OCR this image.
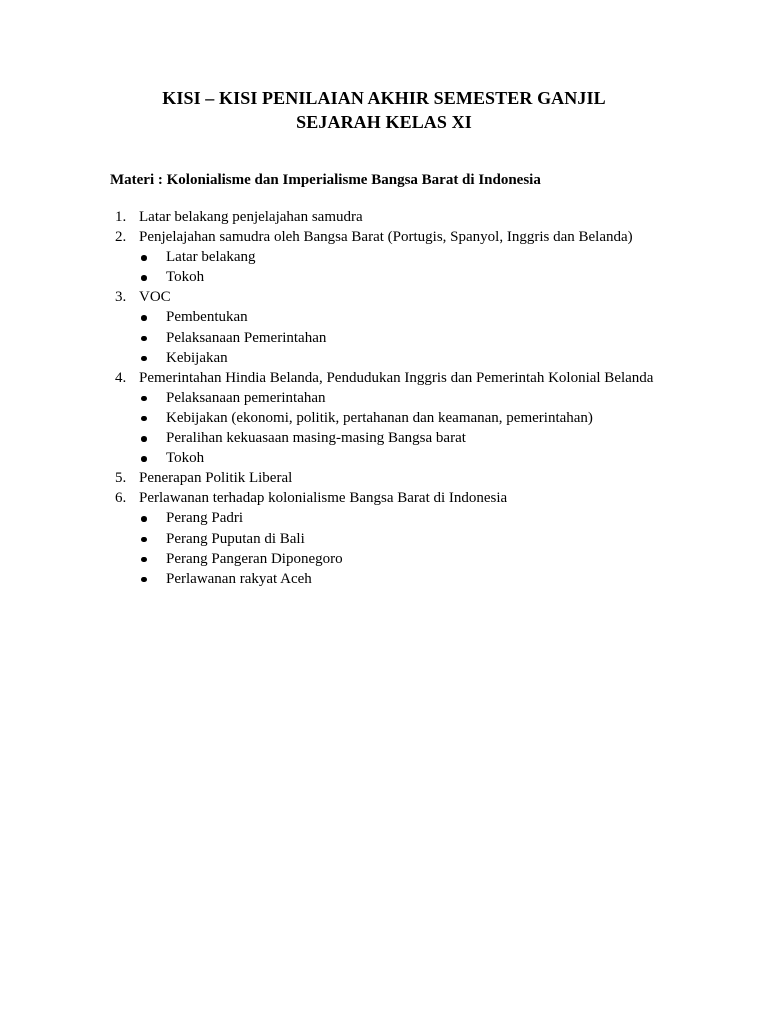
KISI – KISI PENILAIAN AKHIR SEMESTER GANJIL
SEJARAH KELAS XI
Materi : Kolonialisme dan Imperialisme Bangsa Barat di Indonesia
1. Latar belakang penjelajahan samudra
2. Penjelajahan samudra oleh Bangsa Barat (Portugis, Spanyol, Inggris dan Belanda)
Latar belakang
Tokoh
3. VOC
Pembentukan
Pelaksanaan Pemerintahan
Kebijakan
4. Pemerintahan Hindia Belanda, Pendudukan Inggris dan Pemerintah Kolonial Belanda
Pelaksanaan pemerintahan
Kebijakan (ekonomi, politik, pertahanan dan keamanan, pemerintahan)
Peralihan kekuasaan masing-masing Bangsa barat
Tokoh
5. Penerapan Politik Liberal
6. Perlawanan terhadap kolonialisme Bangsa Barat di Indonesia
Perang Padri
Perang Puputan di Bali
Perang Pangeran Diponegoro
Perlawanan rakyat Aceh
